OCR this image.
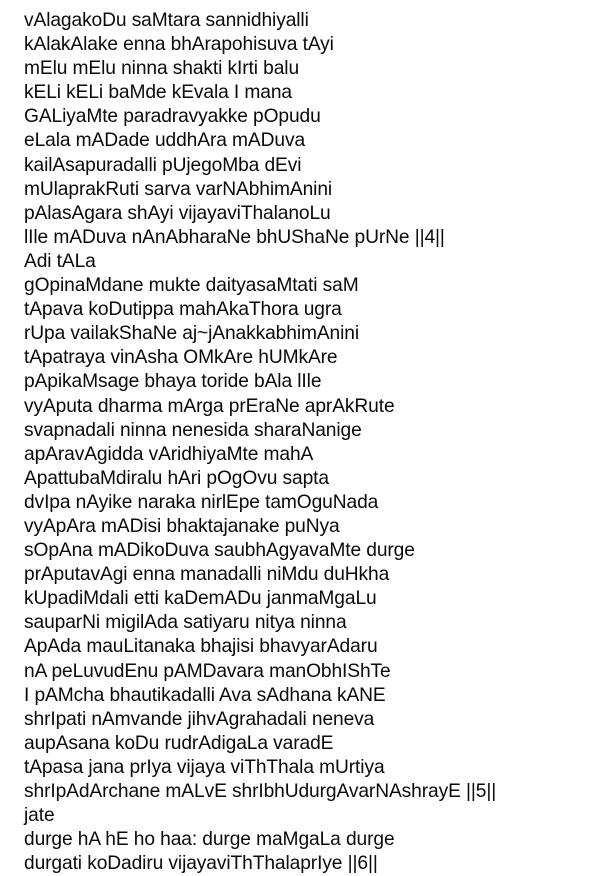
vAlagakoDu saMtara sannidhiyalli
kAlakAlake enna bhArapohisuva tAyi
mElu mElu ninna shakti kIrti balu
kELi kELi baMde kEvala I mana
GALiyaMte paradravyakke pOpudu
eLala mADade uddhAra mADuva
kailAsapuradalli pUjegoMba dEvi
mUlaprakRuti sarva varNAbhimAnini
pAlasAgara shAyi vijayaviThalanoLu
lIle mADuva nAnAbharaNe bhUShaNe pUrNe ||4||
Adi tALa
gOpinaMdane mukte daityasaMtati saM
tApava koDutippa mahAkaThora ugra
rUpa vailakShaNe aj~jAnakkabhimAnini
tApatraya vinAsha OMkAre hUMkAre
pApikaMsage bhaya toride bAla lIle
vyAputa dharma mArga prEraNe aprAkRute
svapnadali ninna nenesida sharaNanige
apAravAgidda vAridhiyaMte mahA
ApattubaMdiralu hAri pOgOvu sapta
dvIpa nAyike naraka nirlEpe tamOguNada
vyApAra mADisi bhaktajanake puNya
sOpAna mADikoDuva saubhAgyavaMte durge
prAputavAgi enna manadalli niMdu duHkha
kUpadiMdali etti kaDemADu janmaMgaLu
sauparNi migilAda satiyaru nitya ninna
ApAda mauLitanaka bhajisi bhavyarAdaru
nA peLuvudEnu pAMDavara manObhIShTe
I pAMcha bhautikadalli Ava sAdhana kANE
shrIpati nAmvande jihvAgrahadali neneva
aupAsana koDu rudrAdigaLa varadE
tApasa jana prIya vijaya viThThala mUrtiya
shrIpAdArchane mALvE shrIbhUdurgAvarNAshrayE ||5||
jate
durge hA hE ho haa: durge maMgaLa durge
durgati koDadiru vijayaviThThalaprIye ||6||
